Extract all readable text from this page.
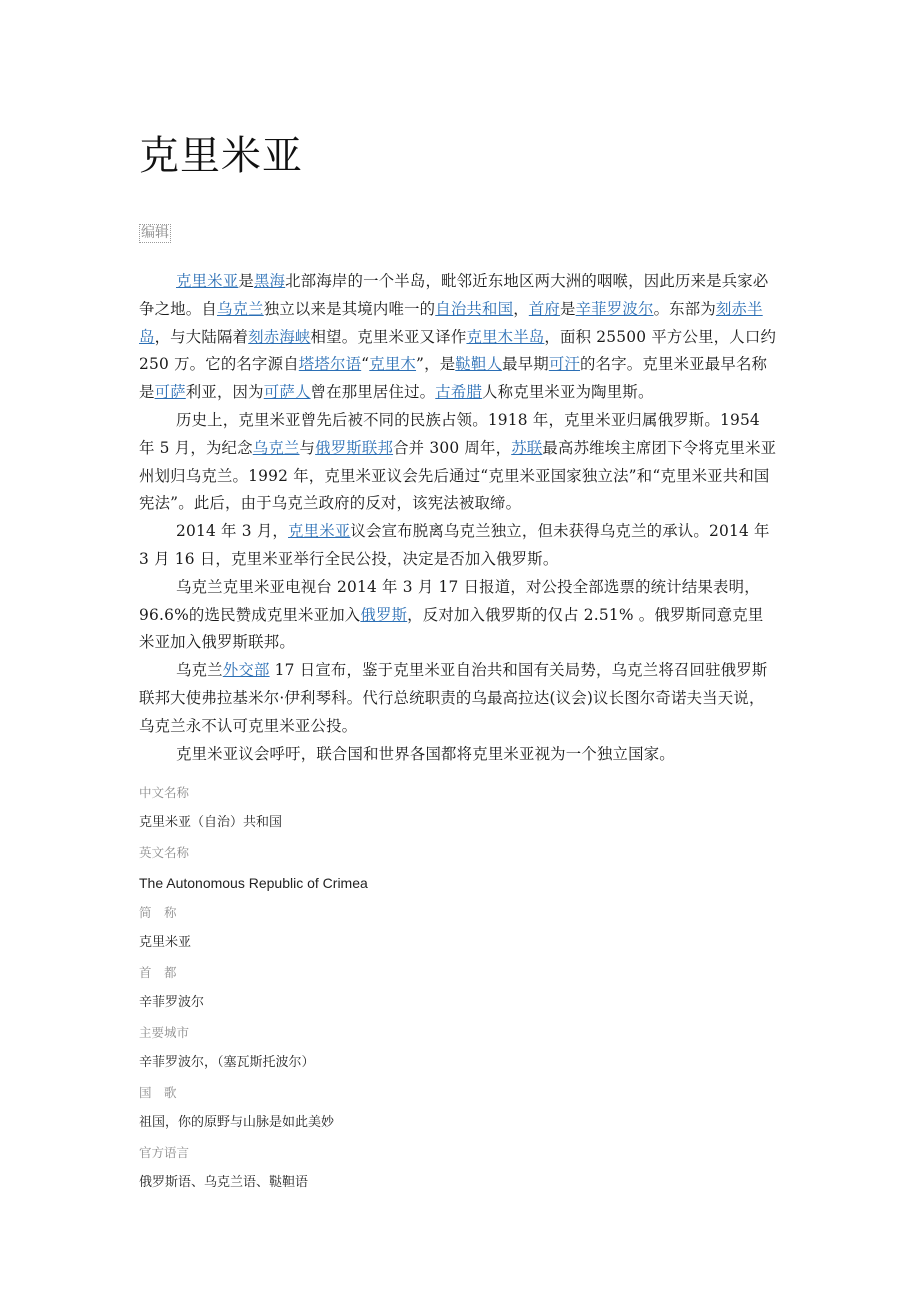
克里米亚
编辑

克里米亚是黑海北部海岸的一个半岛，毗邻近东地区两大洲的咽喉，因此历来是兵家必争之地。自乌克兰独立以来是其境内唯一的自治共和国，首府是辛菲罗波尔。东部为刻赤半岛，与大陆隔着刻赤海峡相望。克里米亚又译作克里木半岛，面积 25500 平方公里，人口约 250 万。它的名字源自塔塔尔语“克里木”，是鞑靼人最早期可汗的名字。克里米亚最早名称是可萨利亚，因为可萨人曾在那里居住过。古希腊人称克里米亚为陶里斯。

历史上，克里米亚曾先后被不同的民族占领。1918 年，克里米亚归属俄罗斯。1954 年 5 月，为纪念乌克兰与俄罗斯联邦合并 300 周年，苏联最高苏维埃主席团下令将克里米亚州划归乌克兰。1992 年，克里米亚议会先后通过“克里米亚国家独立法”和“克里米亚共和国宪法”。此后，由于乌克兰政府的反对，该宪法被取缔。

2014 年 3 月，克里米亚议会宣布脱离乌克兰独立，但未获得乌克兰的承认。2014 年 3 月 16 日，克里米亚举行全民公投，决定是否加入俄罗斯。

乌克兰克里米亚电视台 2014 年 3 月 17 日报道，对公投全部选票的统计结果表明，96.6%的选民赞成克里米亚加入俄罗斯，反对加入俄罗斯的仅占 2.51% 。俄罗斯同意克里米亚加入俄罗斯联邦。

乌克兰外交部 17 日宣布，鉴于克里米亚自治共和国有关局势，乌克兰将召回驻俄罗斯联邦大使弗拉基米尔·伊利琴科。代行总统职责的乌最高拉达(议会)议长图尔奇诺夫当天说，乌克兰永不认可克里米亚公投。

克里米亚议会呼吁，联合国和世界各国都将克里米亚视为一个独立国家。

中文名称
克里米亚（自治）共和国
英文名称
The Autonomous Republic of Crimea
简　称
克里米亚
首　都
辛菲罗波尔
主要城市
辛菲罗波尔，（塞瓦斯托波尔）
国　歌
祖国，你的原野与山脉是如此美妙
官方语言
俄罗斯语、乌克兰语、鞑靼语
